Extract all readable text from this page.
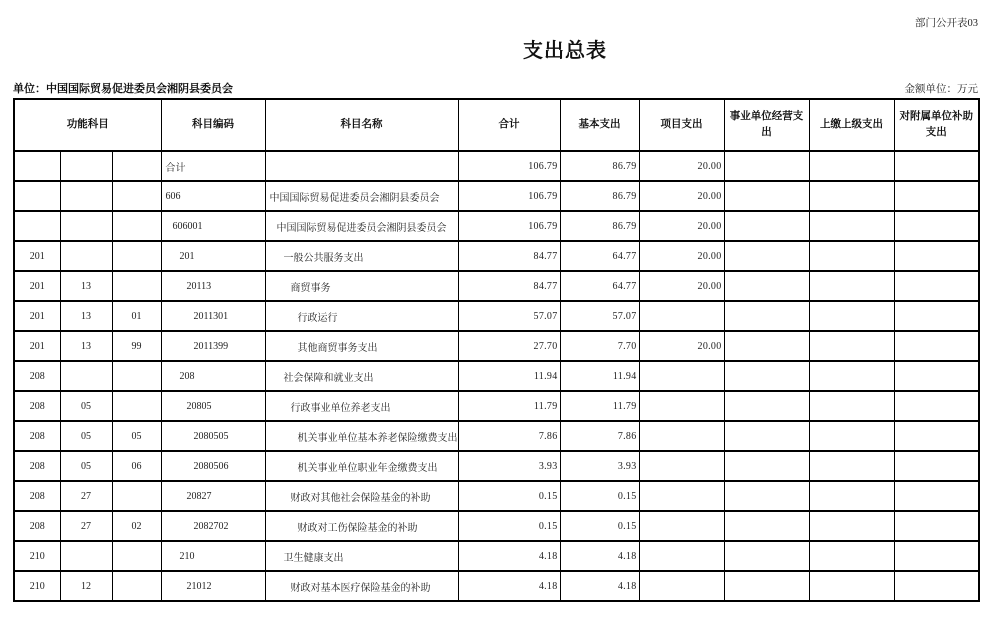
部门公开表03
支出总表
单位：中国国际贸易促进委员会湘阴县委员会	金额单位：万元
功能科目			科目编码	科目名称	合计	基本支出	项目支出	事业单位经营支出	上缴上级支出	对附属单位补助支出
			合计		106.79	86.79	20.00			
			606	中国国际贸易促进委员会湘阴县委员会	106.79	86.79	20.00			
			606001	中国国际贸易促进委员会湘阴县委员会	106.79	86.79	20.00			
201			201	一般公共服务支出	84.77	64.77	20.00			
201	13		20113	商贸事务	84.77	64.77	20.00			
201	13	01	2011301	行政运行	57.07	57.07				
201	13	99	2011399	其他商贸事务支出	27.70	7.70	20.00			
208			208	社会保障和就业支出	11.94	11.94				
208	05		20805	行政事业单位养老支出	11.79	11.79				
208	05	05	2080505	机关事业单位基本养老保险缴费支出	7.86	7.86				
208	05	06	2080506	机关事业单位职业年金缴费支出	3.93	3.93				
208	27		20827	财政对其他社会保险基金的补助	0.15	0.15				
208	27	02	2082702	财政对工伤保险基金的补助	0.15	0.15				
210			210	卫生健康支出	4.18	4.18				
210	12		21012	财政对基本医疗保险基金的补助	4.18	4.18				
